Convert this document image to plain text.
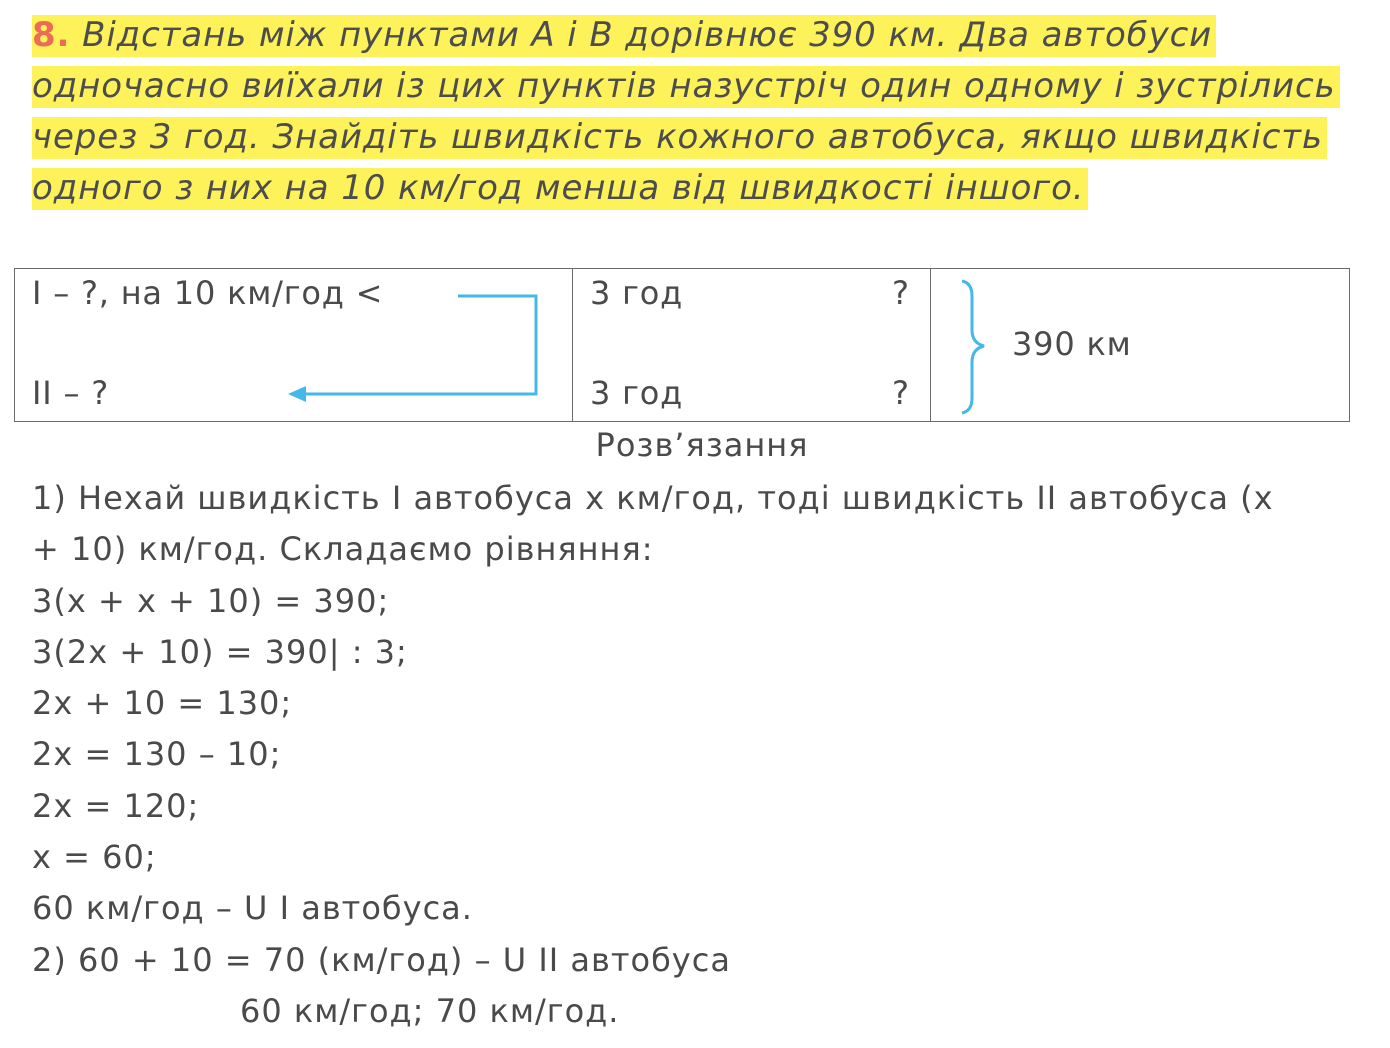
8. Відстань між пунктами А і В дорівнює 390 км. Два автобуси
одночасно виїхали із цих пунктів назустріч один одному і зустрілись
через 3 год. Знайдіть швидкість кожного автобуса, якщо швидкість
одного з них на 10 км/год менша від швидкості іншого.
І – ?, на 10 км/год <
ІІ – ?
3 год
3 год
?
?
390 км
Розв’язання
1) Нехай швидкість І автобуса х км/год, тоді швидкість ІІ автобуса (х
+ 10) км/год. Складаємо рівняння:
3(х + х + 10) = 390;
3(2х + 10) = 390| : 3;
2х + 10 = 130;
2х = 130 – 10;
2х = 120;
х = 60;
60 км/год – U І автобуса.
2) 60 + 10 = 70 (км/год) – U ІІ автобуса
60 км/год; 70 км/год.
